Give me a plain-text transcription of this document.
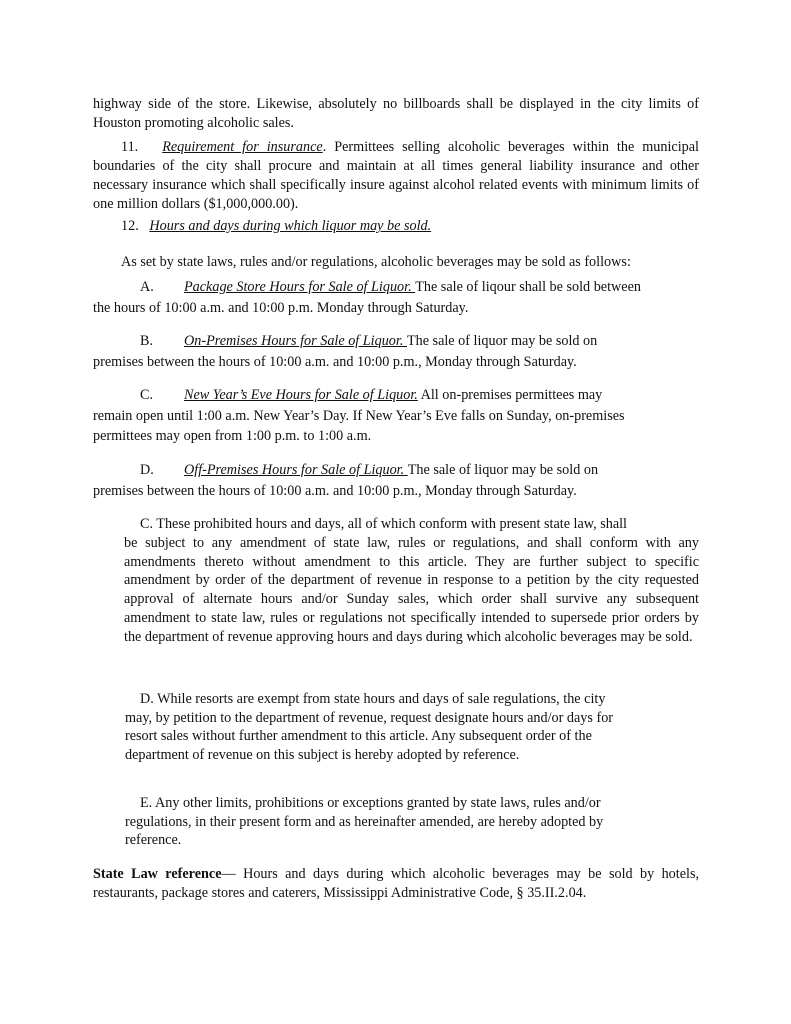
highway side of the store. Likewise, absolutely no billboards shall be displayed in the city limits of Houston promoting alcoholic sales.

11. Requirement for insurance. Permittees selling alcoholic beverages within the municipal boundaries of the city shall procure and maintain at all times general liability insurance and other necessary insurance which shall specifically insure against alcohol related events with minimum limits of one million dollars ($1,000,000.00).

12. Hours and days during which liquor may be sold.

As set by state laws, rules and/or regulations, alcoholic beverages may be sold as follows:

A. Package Store Hours for Sale of Liquor. The sale of liqour shall be sold between
the hours of 10:00 a.m. and 10:00 p.m. Monday through Saturday.
B. On-Premises Hours for Sale of Liquor. The sale of liquor may be sold on
premises between the hours of 10:00 a.m. and 10:00 p.m., Monday through Saturday.
C. New Year’s Eve Hours for Sale of Liquor. All on-premises permittees may
remain open until 1:00 a.m. New Year’s Day. If New Year’s Eve falls on Sunday, on-premises
permittees may open from 1:00 p.m. to 1:00 a.m.
D. Off-Premises Hours for Sale of Liquor. The sale of liquor may be sold on
premises between the hours of 10:00 a.m. and 10:00 p.m., Monday through Saturday.
C. These prohibited hours and days, all of which conform with present state law, shall
be subject to any amendment of state law, rules or regulations, and shall conform with any amendments thereto without amendment to this article. They are further subject to specific amendment by order of the department of revenue in response to a petition by the city requested approval of alternate hours and/or Sunday sales, which order shall survive any subsequent amendment to state law, rules or regulations not specifically intended to supersede prior orders by the department of revenue approving hours and days during which alcoholic beverages may be sold.
D. While resorts are exempt from state hours and days of sale regulations, the city
may, by petition to the department of revenue, request designate hours and/or days for
resort sales without further amendment to this article. Any subsequent order of the
department of revenue on this subject is hereby adopted by reference.
E. Any other limits, prohibitions or exceptions granted by state laws, rules and/or
regulations, in their present form and as hereinafter amended, are hereby adopted by
reference.

State Law reference— Hours and days during which alcoholic beverages may be sold by hotels, restaurants, package stores and caterers, Mississippi Administrative Code, § 35.II.2.04.
